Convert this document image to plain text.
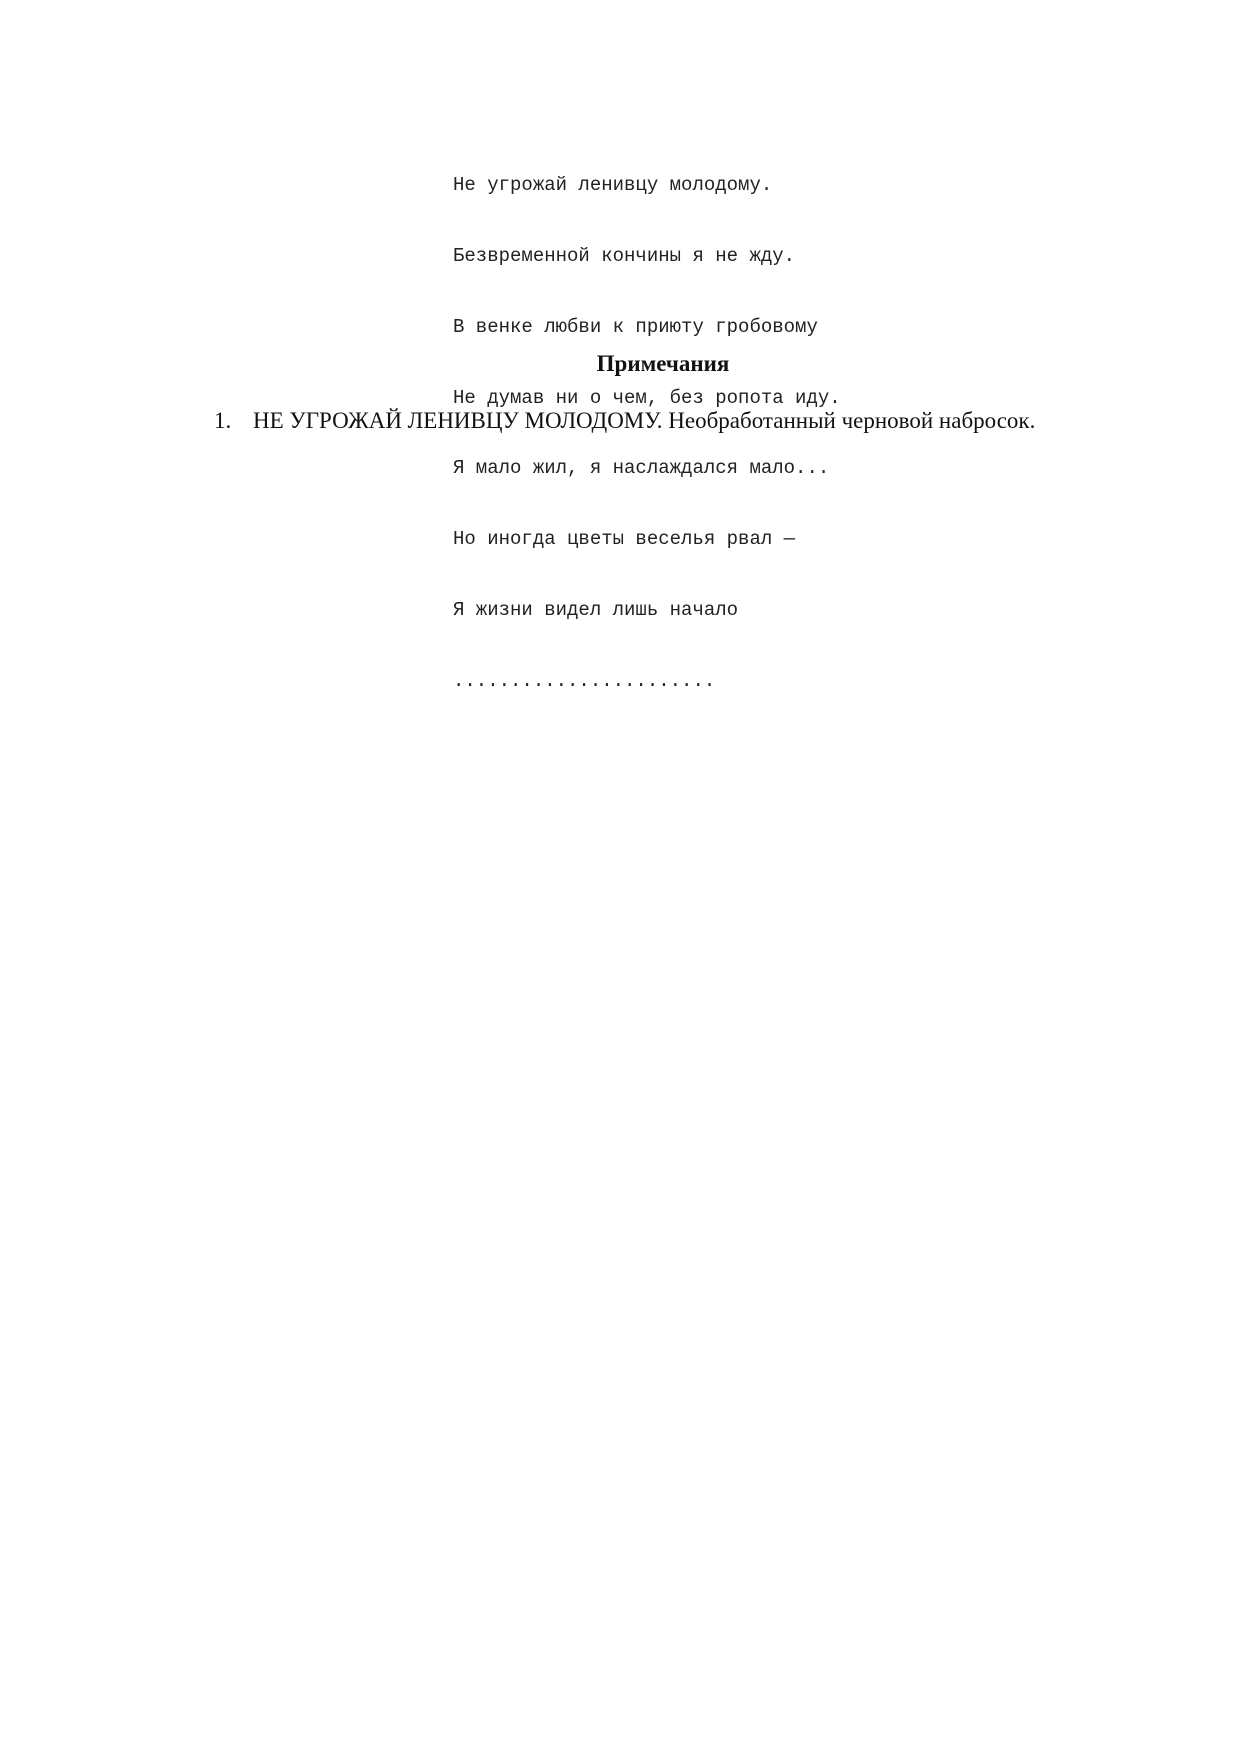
Не угрожай ленивцу молодому.

Безвременной кончины я не жду.

В венке любви к приюту гробовому

Не думав ни о чем, без ропота иду.

Я мало жил, я наслаждался мало...

Но иногда цветы веселья рвал —

Я жизни видел лишь начало

.......................

Примечания
1. НЕ УГРОЖАЙ ЛЕНИВЦУ МОЛОДОМУ. Необработанный черновой набросок.
